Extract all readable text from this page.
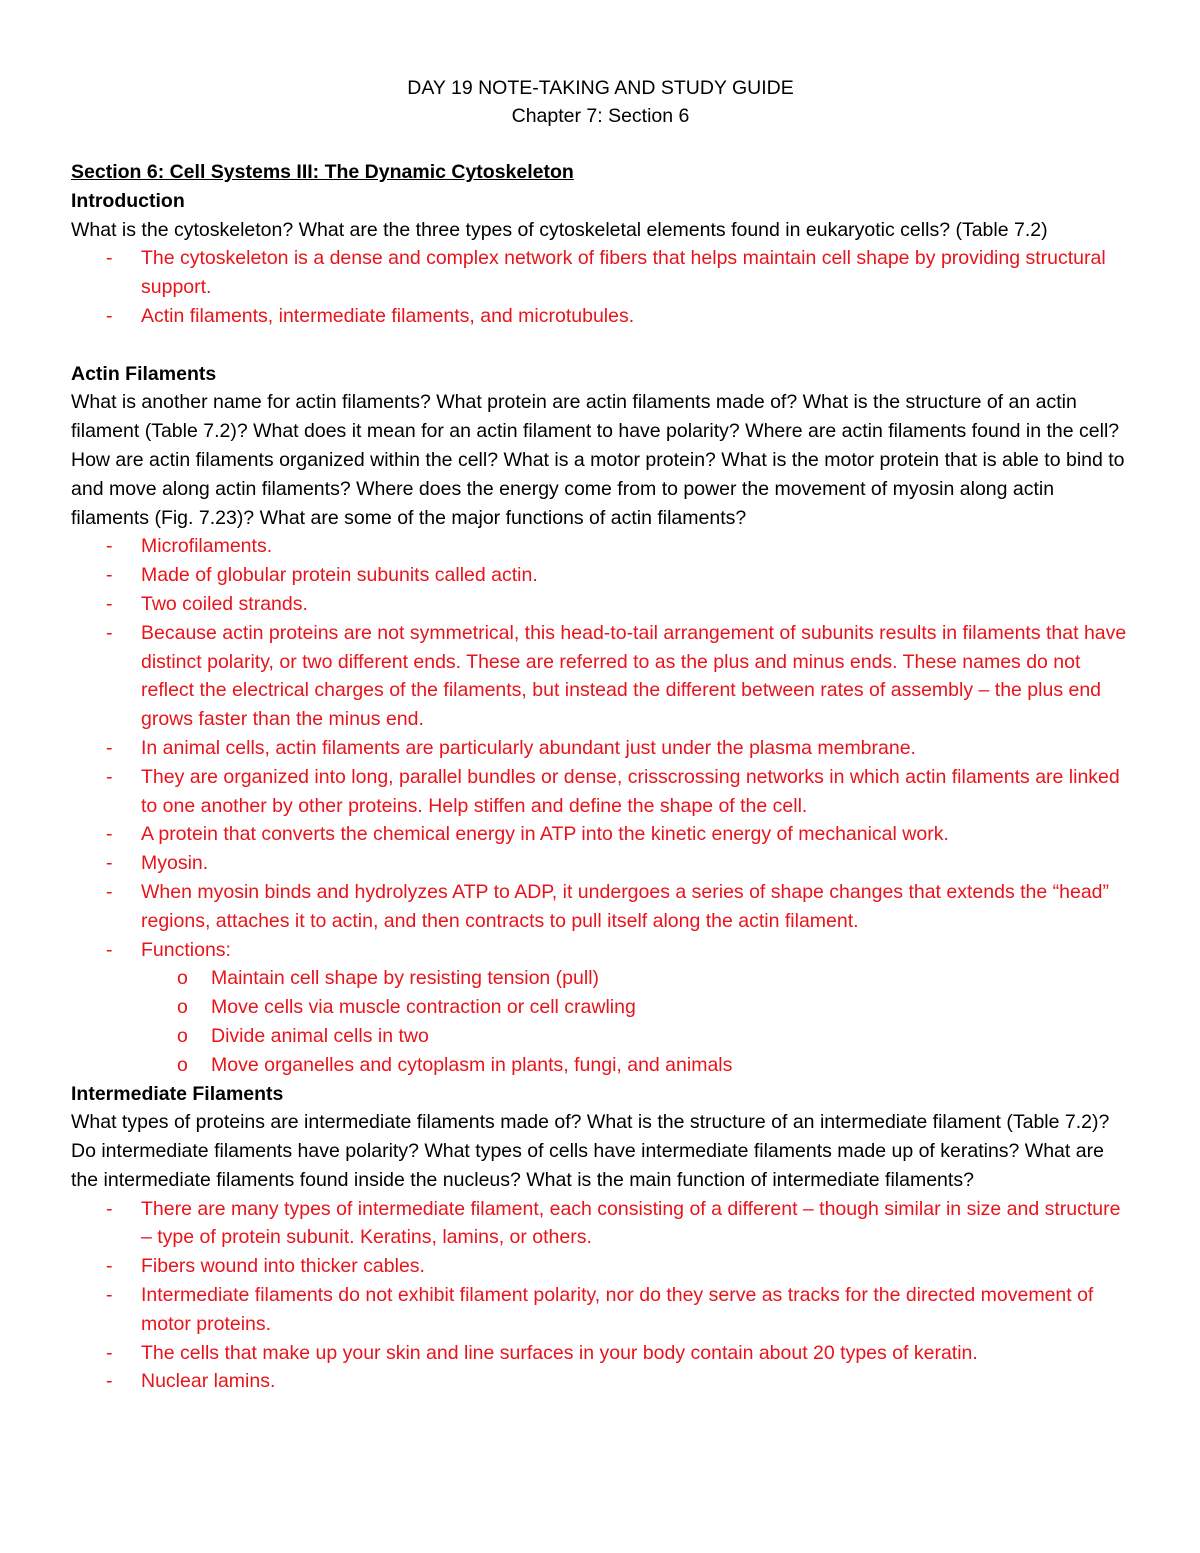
DAY 19 NOTE-TAKING AND STUDY GUIDE
Chapter 7: Section 6
Section 6: Cell Systems III: The Dynamic Cytoskeleton
Introduction

What is the cytoskeleton? What are the three types of cytoskeletal elements found in eukaryotic cells? (Table 7.2)

- The cytoskeleton is a dense and complex network of fibers that helps maintain cell shape by providing structural support.
- Actin filaments, intermediate filaments, and microtubules.
Actin Filaments

What is another name for actin filaments? What protein are actin filaments made of? What is the structure of an actin filament (Table 7.2)? What does it mean for an actin filament to have polarity? Where are actin filaments found in the cell? How are actin filaments organized within the cell? What is a motor protein? What is the motor protein that is able to bind to and move along actin filaments? Where does the energy come from to power the movement of myosin along actin filaments (Fig. 7.23)? What are some of the major functions of actin filaments?

- Microfilaments.
- Made of globular protein subunits called actin.
- Two coiled strands.
- Because actin proteins are not symmetrical, this head-to-tail arrangement of subunits results in filaments that have distinct polarity, or two different ends. These are referred to as the plus and minus ends. These names do not reflect the electrical charges of the filaments, but instead the different between rates of assembly – the plus end grows faster than the minus end.
- In animal cells, actin filaments are particularly abundant just under the plasma membrane.
- They are organized into long, parallel bundles or dense, crisscrossing networks in which actin filaments are linked to one another by other proteins. Help stiffen and define the shape of the cell.
- A protein that converts the chemical energy in ATP into the kinetic energy of mechanical work.
- Myosin.
- When myosin binds and hydrolyzes ATP to ADP, it undergoes a series of shape changes that extends the “head” regions, attaches it to actin, and then contracts to pull itself along the actin filament.
- Functions:
o Maintain cell shape by resisting tension (pull)
o Move cells via muscle contraction or cell crawling
o Divide animal cells in two
o Move organelles and cytoplasm in plants, fungi, and animals
Intermediate Filaments

What types of proteins are intermediate filaments made of? What is the structure of an intermediate filament (Table 7.2)? Do intermediate filaments have polarity? What types of cells have intermediate filaments made up of keratins? What are the intermediate filaments found inside the nucleus? What is the main function of intermediate filaments?

- There are many types of intermediate filament, each consisting of a different – though similar in size and structure – type of protein subunit. Keratins, lamins, or others.
- Fibers wound into thicker cables.
- Intermediate filaments do not exhibit filament polarity, nor do they serve as tracks for the directed movement of motor proteins.
- The cells that make up your skin and line surfaces in your body contain about 20 types of keratin.
- Nuclear lamins.
